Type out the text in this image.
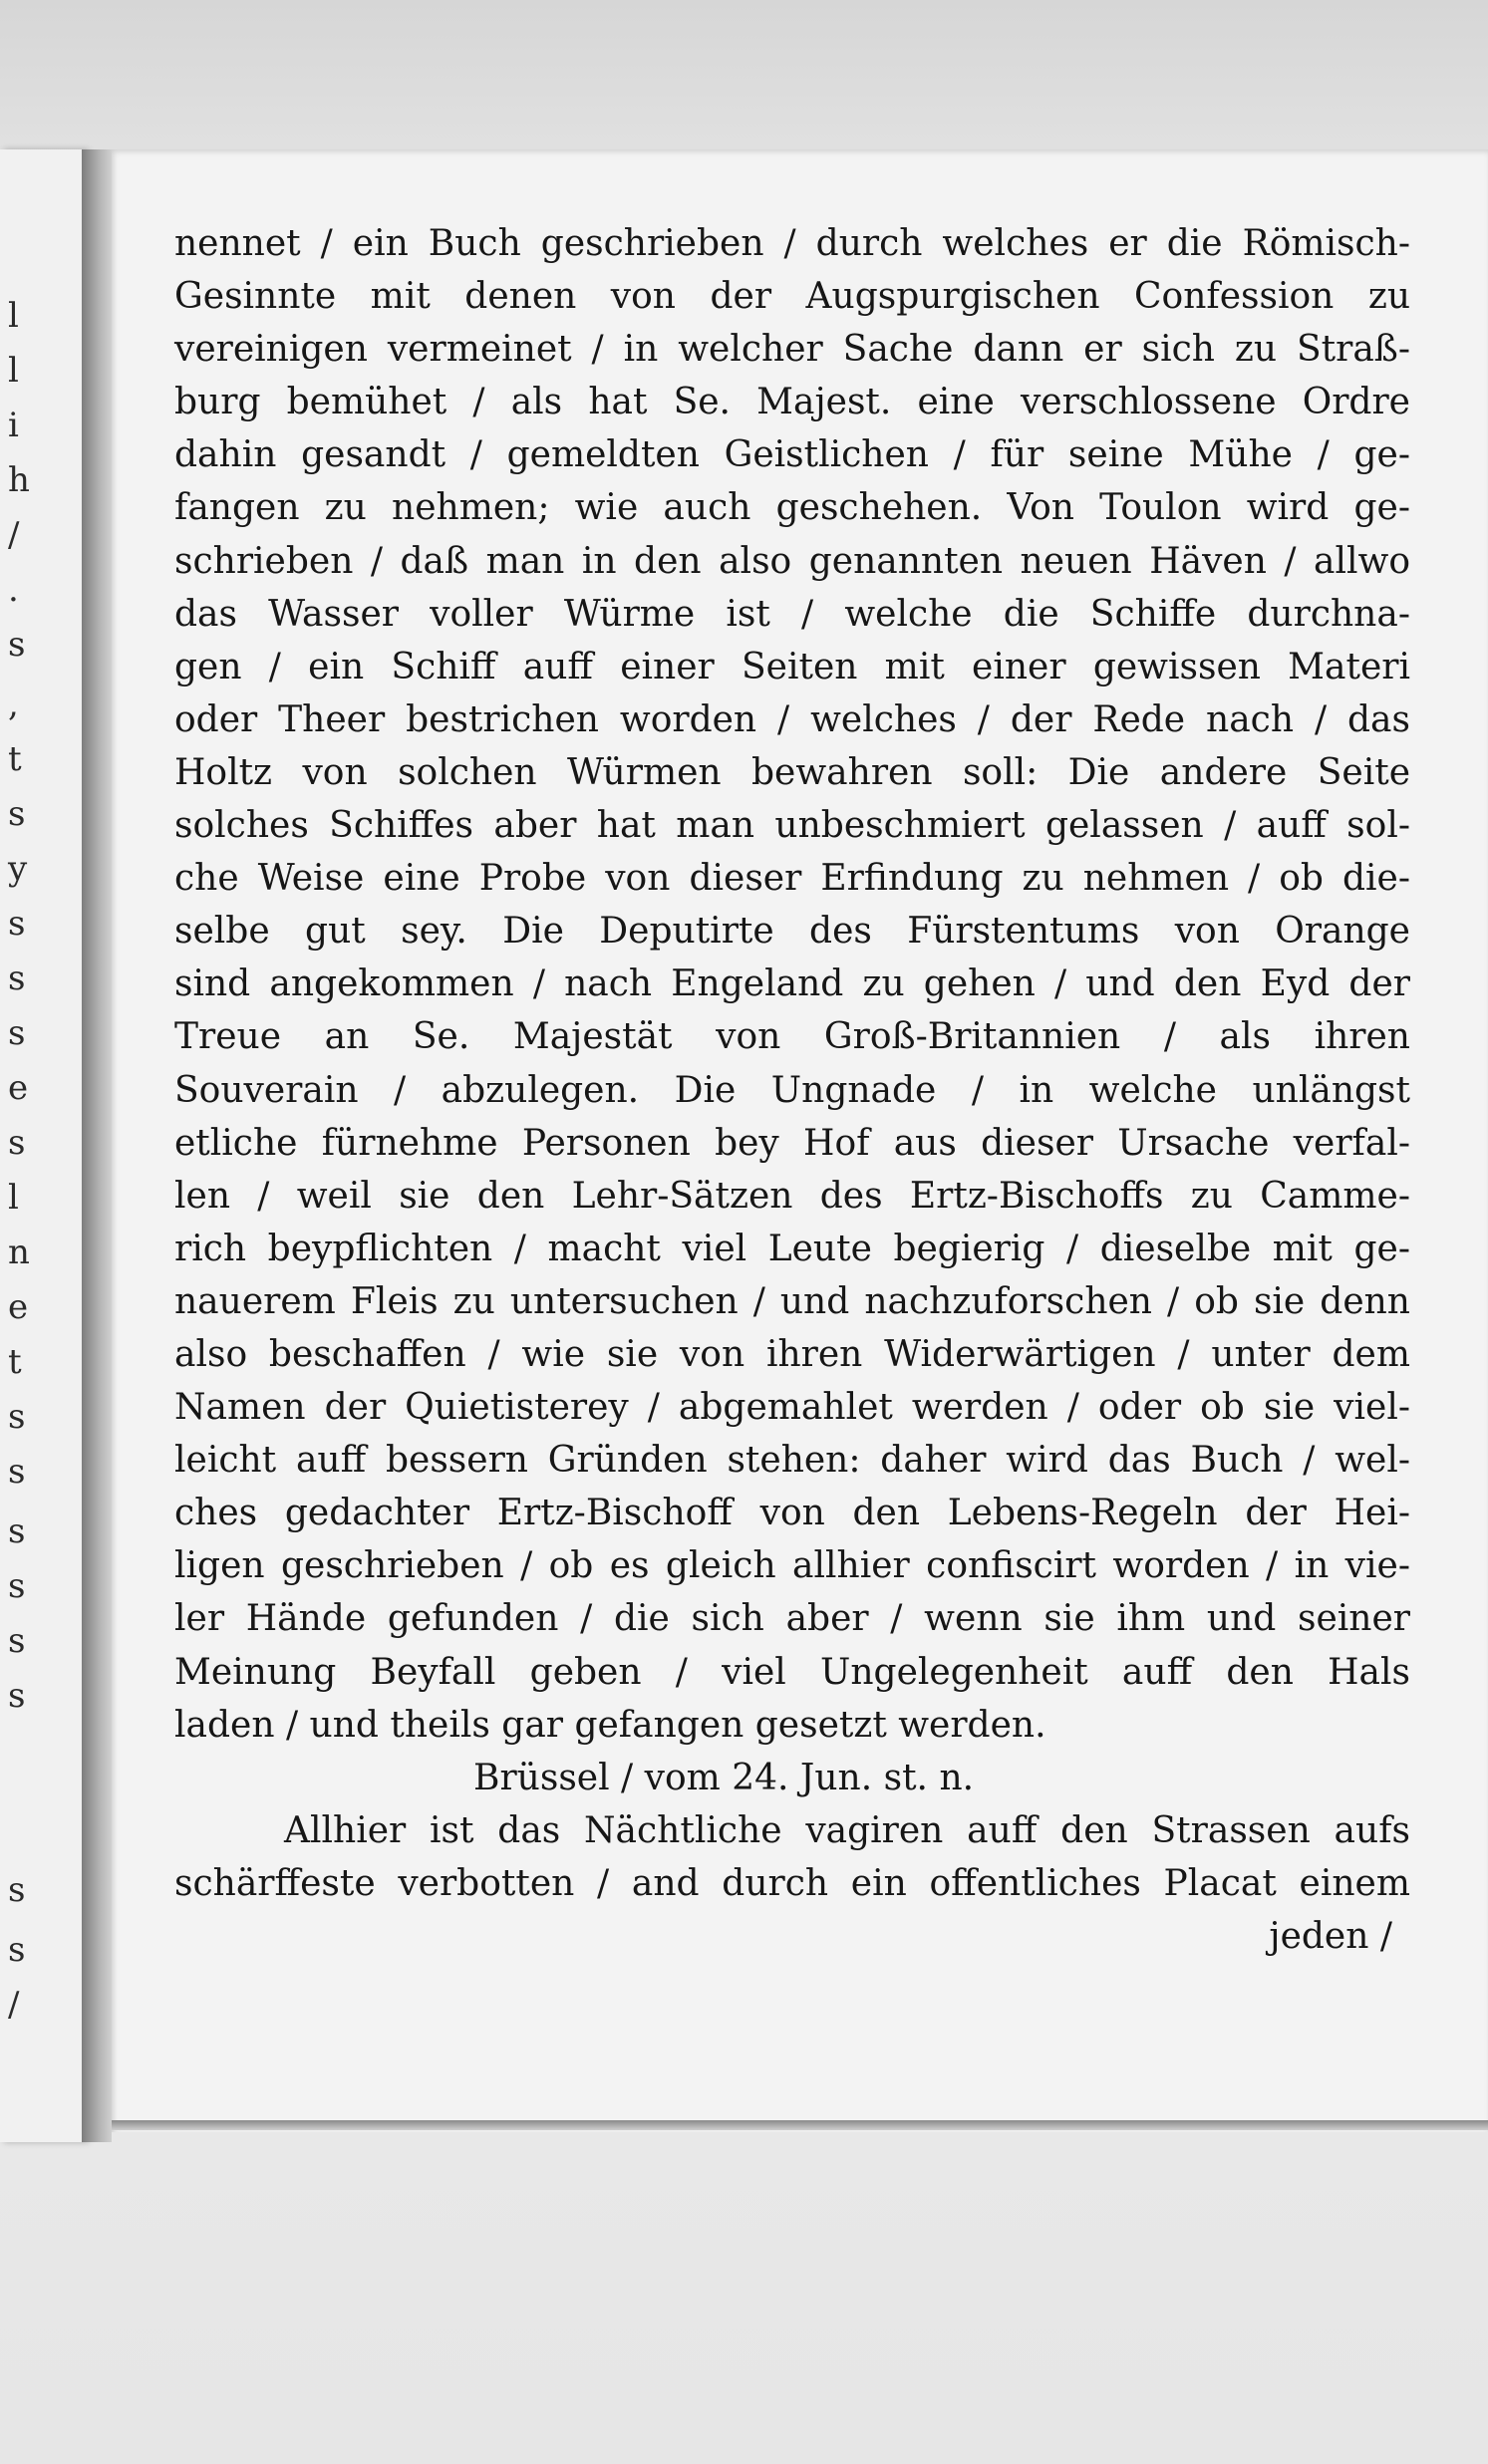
l
l
i
h
/
.
s
,
t
s
y
s
s
s
e
s
l
n
e
t
s
s
s
s
s
s
s
s
/
nennet / ein Buch geschrieben / durch welches er die Römisch-
Gesinnte mit denen von der Augspurgischen Confession zu
vereinigen vermeinet / in welcher Sache dann er sich zu Straß-
burg bemühet / als hat Se. Majest. eine verschlossene Ordre
dahin gesandt / gemeldten Geistlichen / für seine Mühe / ge-
fangen zu nehmen; wie auch geschehen. Von Toulon wird ge-
schrieben / daß man in den also genannten neuen Häven / allwo
das Wasser voller Würme ist / welche die Schiffe durchna-
gen / ein Schiff auff einer Seiten mit einer gewissen Materi
oder Theer bestrichen worden / welches / der Rede nach / das
Holtz von solchen Würmen bewahren soll: Die andere Seite
solches Schiffes aber hat man unbeschmiert gelassen / auff sol-
che Weise eine Probe von dieser Erfindung zu nehmen / ob die-
selbe gut sey. Die Deputirte des Fürstentums von Orange
sind angekommen / nach Engeland zu gehen / und den Eyd der
Treue an Se. Majestät von Groß-Britannien / als ihren
Souverain / abzulegen. Die Ungnade / in welche unlängst
etliche fürnehme Personen bey Hof aus dieser Ursache verfal-
len / weil sie den Lehr-Sätzen des Ertz-Bischoffs zu Camme-
rich beypflichten / macht viel Leute begierig / dieselbe mit ge-
nauerem Fleis zu untersuchen / und nachzuforschen / ob sie denn
also beschaffen / wie sie von ihren Widerwärtigen / unter dem
Namen der Quietisterey / abgemahlet werden / oder ob sie viel-
leicht auff bessern Gründen stehen: daher wird das Buch / wel-
ches gedachter Ertz-Bischoff von den Lebens-Regeln der Hei-
ligen geschrieben / ob es gleich allhier confiscirt worden / in vie-
ler Hände gefunden / die sich aber / wenn sie ihm und seiner
Meinung Beyfall geben / viel Ungelegenheit auff den Hals
laden / und theils gar gefangen gesetzt werden.
Brüssel / vom 24. Jun. st. n.
Allhier ist das Nächtliche vagiren auff den Strassen aufs
schärffeste verbotten / and durch ein offentliches Placat einem
jeden /
